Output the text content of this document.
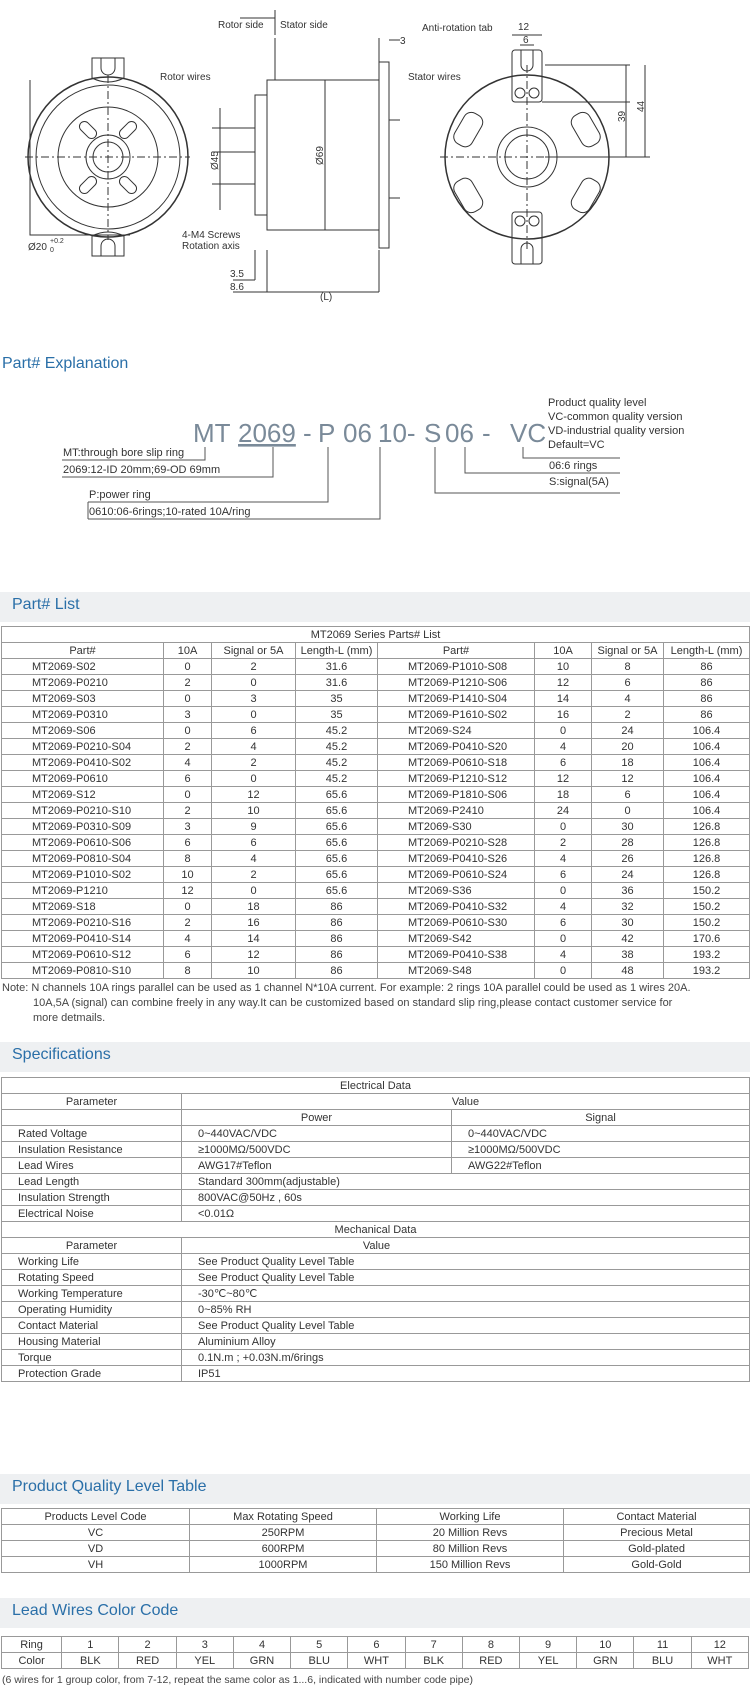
Rotor side Stator side	Anti-rotation tab
Rotor wires	Stator wires
Ø45	Ø69
4-M4 Screws
Rotation axis
Ø20
+0.2
0
3
12
6
39
44
3.5
8.6
(L)
Part# Explanation
MT 2069 - P 06 10- S 06 - VC
Product quality level
VC-common quality version
VD-industrial quality version
Default=VC
MT:through bore slip ring
2069:12-ID 20mm;69-OD 69mm
P:power ring
0610:06-6rings;10-rated 10A/ring
06:6 rings
S:signal(5A)
Part# List
MT2069 Series Parts# List							
Part#	10A	Signal or 5A	Length-L (mm)	Part#	10A	Signal or 5A	Length-L (mm)
MT2069-S02	0	2	31.6	MT2069-P1010-S08	10	8	86
MT2069-P0210	2	0	31.6	MT2069-P1210-S06	12	6	86
MT2069-S03	0	3	35	MT2069-P1410-S04	14	4	86
MT2069-P0310	3	0	35	MT2069-P1610-S02	16	2	86
MT2069-S06	0	6	45.2	MT2069-S24	0	24	106.4
MT2069-P0210-S04	2	4	45.2	MT2069-P0410-S20	4	20	106.4
MT2069-P0410-S02	4	2	45.2	MT2069-P0610-S18	6	18	106.4
MT2069-P0610	6	0	45.2	MT2069-P1210-S12	12	12	106.4
MT2069-S12	0	12	65.6	MT2069-P1810-S06	18	6	106.4
MT2069-P0210-S10	2	10	65.6	MT2069-P2410	24	0	106.4
MT2069-P0310-S09	3	9	65.6	MT2069-S30	0	30	126.8
MT2069-P0610-S06	6	6	65.6	MT2069-P0210-S28	2	28	126.8
MT2069-P0810-S04	8	4	65.6	MT2069-P0410-S26	4	26	126.8
MT2069-P1010-S02	10	2	65.6	MT2069-P0610-S24	6	24	126.8
MT2069-P1210	12	0	65.6	MT2069-S36	0	36	150.2
MT2069-S18	0	18	86	MT2069-P0410-S32	4	32	150.2
MT2069-P0210-S16	2	16	86	MT2069-P0610-S30	6	30	150.2
MT2069-P0410-S14	4	14	86	MT2069-S42	0	42	170.6
MT2069-P0610-S12	6	12	86	MT2069-P0410-S38	4	38	193.2
MT2069-P0810-S10	8	10	86	MT2069-S48	0	48	193.2
Note: N channels 10A rings parallel can be used as 1 channel N*10A current. For example: 2 rings 10A parallel could be used as 1 wires 20A.
10A,5A (signal) can combine freely in any way.It can be customized based on standard slip ring,please contact customer service for
more detmails.
Specifications
Electrical Data		
Parameter	Value	
	Power	Signal
Rated Voltage	0~440VAC/VDC	0~440VAC/VDC
Insulation Resistance	≥1000MΩ/500VDC	≥1000MΩ/500VDC
Lead Wires	AWG17#Teflon	AWG22#Teflon
Lead Length	Standard 300mm(adjustable)	
Insulation Strength	800VAC@50Hz , 60s	
Electrical Noise	<0.01Ω	
Mechanical Data		
Parameter	Value	
Working Life	See Product Quality Level Table	
Rotating Speed	See Product Quality Level Table	
Working Temperature	-30℃~80℃	
Operating Humidity	0~85% RH	
Contact Material	See Product Quality Level Table	
Housing Material	Aluminium Alloy	
Torque	0.1N.m ; +0.03N.m/6rings	
Protection Grade	IP51	
Product Quality Level Table
Products Level Code	Max Rotating Speed	Working Life	Contact Material
VC	250RPM	20 Million Revs	Precious Metal
VD	600RPM	80 Million Revs	Gold-plated
VH	1000RPM	150 Million Revs	Gold-Gold
Lead Wires Color Code
Ring	1	2	3	4	5	6	7	8	9	10	11	12
Color	BLK	RED	YEL	GRN	BLU	WHT	BLK	RED	YEL	GRN	BLU	WHT
(6 wires for 1 group color, from 7-12, repeat the same color as 1...6, indicated with number code pipe)
